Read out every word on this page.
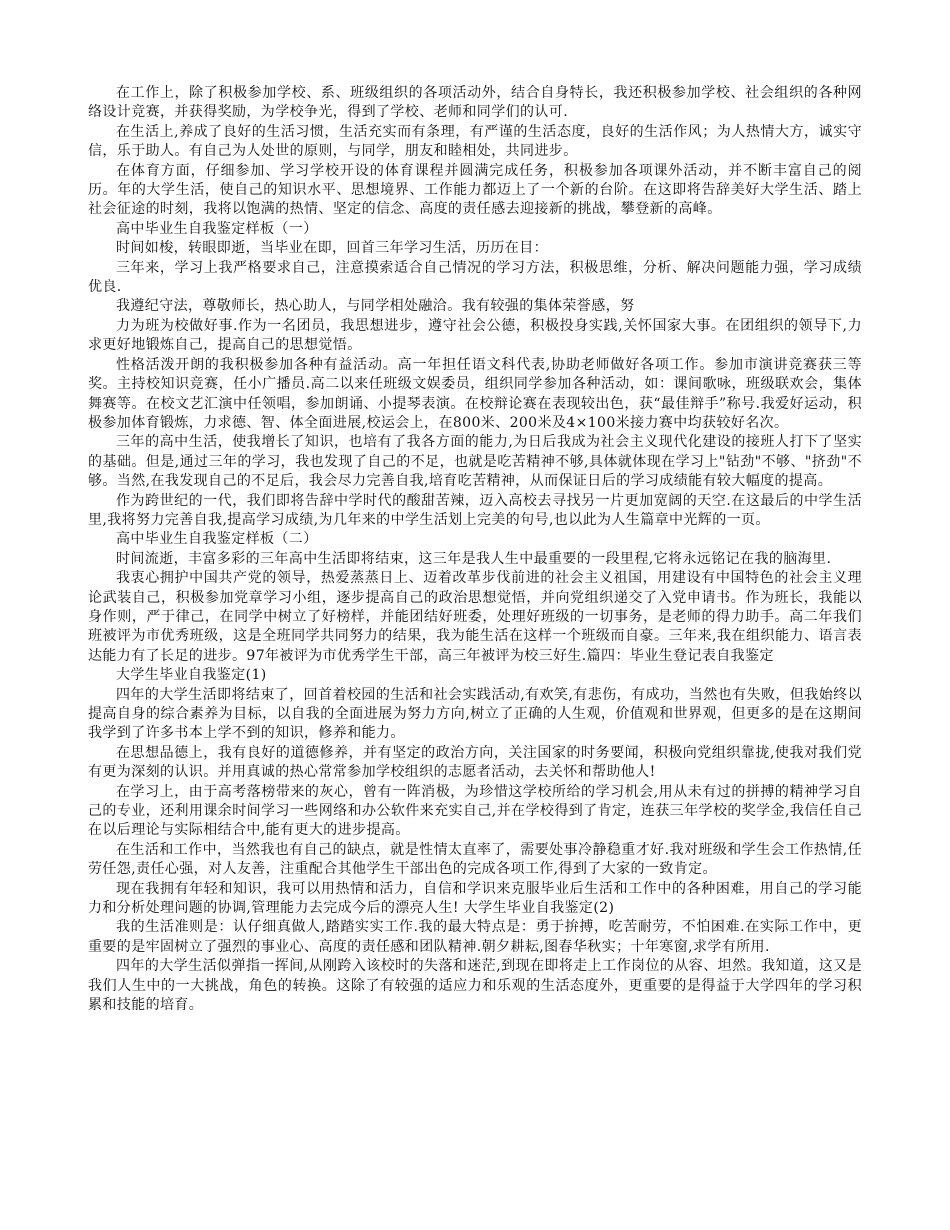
在工作上，除了积极参加学校、系、班级组织的各项活动外，结合自身特长，我还积极参加学校、社会组织的各种网络设计竞赛，并获得奖励，为学校争光，得到了学校、老师和同学们的认可.

在生活上,养成了良好的生活习惯，生活充实而有条理，有严谨的生活态度，良好的生活作风；为人热情大方，诚实守信，乐于助人。有自己为人处世的原则，与同学，朋友和睦相处，共同进步。

在体育方面，仔细参加、学习学校开设的体育课程并圆满完成任务，积极参加各项课外活动，并不断丰富自己的阅历。年的大学生活，使自己的知识水平、思想境界、工作能力都迈上了一个新的台阶。在这即将告辞美好大学生活、踏上社会征途的时刻，我将以饱满的热情、坚定的信念、高度的责任感去迎接新的挑战，攀登新的高峰。

高中毕业生自我鉴定样板（一）

时间如梭，转眼即逝，当毕业在即，回首三年学习生活，历历在目：

三年来，学习上我严格要求自己，注意摸索适合自己情况的学习方法，积极思维，分析、解决问题能力强，学习成绩优良.

我遵纪守法，尊敬师长，热心助人，与同学相处融洽。我有较强的集体荣誉感，努

力为班为校做好事.作为一名团员，我思想进步，遵守社会公德，积极投身实践,关怀国家大事。在团组织的领导下,力求更好地锻炼自己，提高自己的思想觉悟。

性格活泼开朗的我积极参加各种有益活动。高一年担任语文科代表,协助老师做好各项工作。参加市演讲竞赛获三等奖。主持校知识竞赛，任小广播员.高二以来任班级文娱委员，组织同学参加各种活动，如：课间歌咏，班级联欢会，集体舞赛等。在校文艺汇演中任领唱，参加朗诵、小提琴表演。在校辩论赛在表现较出色，获“最佳辩手”称号.我爱好运动，积极参加体育锻炼，力求德、智、体全面进展,校运会上，在800米、200米及4×100米接力赛中均获较好名次。

三年的高中生活，使我增长了知识，也培有了我各方面的能力,为日后我成为社会主义现代化建设的接班人打下了坚实的基础。但是,通过三年的学习，我也发现了自己的不足，也就是吃苦精神不够,具体就体现在学习上"钻劲"不够、"挤劲"不够。当然,在我发现自己的不足后，我会尽力完善自我,培育吃苦精神，从而保证日后的学习成绩能有较大幅度的提高。

作为跨世纪的一代，我们即将告辞中学时代的酸甜苦辣，迈入高校去寻找另一片更加宽阔的天空.在这最后的中学生活里,我将努力完善自我,提高学习成绩,为几年来的中学生活划上完美的句号,也以此为人生篇章中光辉的一页。

高中毕业生自我鉴定样板（二）

时间流逝，丰富多彩的三年高中生活即将结束，这三年是我人生中最重要的一段里程,它将永远铭记在我的脑海里.

我衷心拥护中国共产党的领导，热爱蒸蒸日上、迈着改革步伐前进的社会主义祖国，用建设有中国特色的社会主义理论武装自己，积极参加党章学习小组，逐步提高自己的政治思想觉悟，并向党组织递交了入党申请书。作为班长，我能以身作则，严于律己，在同学中树立了好榜样，并能团结好班委，处理好班级的一切事务，是老师的得力助手。高二年我们班被评为市优秀班级，这是全班同学共同努力的结果，我为能生活在这样一个班级而自豪。三年来,我在组织能力、语言表达能力有了长足的进步。97年被评为市优秀学生干部，高三年被评为校三好生.篇四：毕业生登记表自我鉴定

大学生毕业自我鉴定(1)

四年的大学生活即将结束了，回首着校园的生活和社会实践活动,有欢笑,有悲伤，有成功，当然也有失败，但我始终以提高自身的综合素养为目标，以自我的全面进展为努力方向,树立了正确的人生观，价值观和世界观，但更多的是在这期间我学到了许多书本上学不到的知识，修养和能力。

在思想品德上，我有良好的道德修养，并有坚定的政治方向，关注国家的时务要闻，积极向党组织靠拢,使我对我们党有更为深刻的认识。并用真诚的热心常常参加学校组织的志愿者活动，去关怀和帮助他人!

在学习上，由于高考落榜带来的灰心，曾有一阵消极，为珍惜这学校所给的学习机会,用从未有过的拼搏的精神学习自己的专业，还利用课余时间学习一些网络和办公软件来充实自己,并在学校得到了肯定，连获三年学校的奖学金,我信任自己在以后理论与实际相结合中,能有更大的进步提高。

在生活和工作中，当然我也有自己的缺点，就是性情太直率了，需要处事冷静稳重才好.我对班级和学生会工作热情,任劳任怨,责任心强，对人友善，注重配合其他学生干部出色的完成各项工作,得到了大家的一致肯定。

现在我拥有年轻和知识，我可以用热情和活力，自信和学识来克服毕业后生活和工作中的各种困难，用自己的学习能力和分析处理问题的协调,管理能力去完成今后的漂亮人生! 大学生毕业自我鉴定(2)

我的生活准则是：认仔细真做人,踏踏实实工作.我的最大特点是：勇于拚搏，吃苦耐劳，不怕困难.在实际工作中，更重要的是牢固树立了强烈的事业心、高度的责任感和团队精神.朝夕耕耘,图春华秋实；十年寒窗,求学有所用.

四年的大学生活似弹指一挥间,从刚跨入该校时的失落和迷茫,到现在即将走上工作岗位的从容、坦然。我知道，这又是我们人生中的一大挑战，角色的转换。这除了有较强的适应力和乐观的生活态度外，更重要的是得益于大学四年的学习积累和技能的培育。
